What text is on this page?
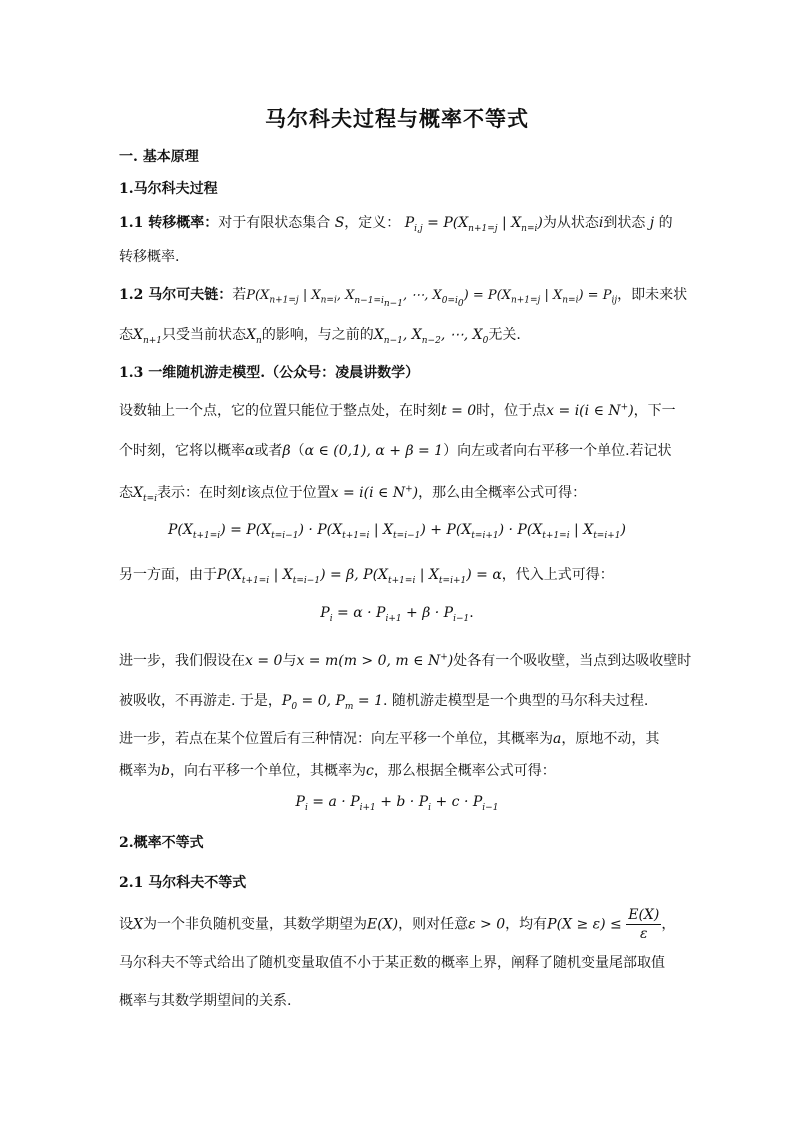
马尔科夫过程与概率不等式
一. 基本原理
1.马尔科夫过程
1.1 转移概率：对于有限状态集合 S，定义： $P_{i,j} = P(X_{n+1=j}$ | $X_{n=i}$)为从状态i到状态 j 的
转移概率.
1.2 马尔可夫链：若$P(X_{n+1=j}$ | $X_{n=i}$, $X_{n-1=i_{n-1}}$, ⋯, $X_{0=i_0}) = P(X_{n+1=j}$ | $X_{n=i}) = P_{ij}$，即未来状
态$X_{n+1}$只受当前状态$X_n$的影响，与之前的$X_{n-1}$, $X_{n-2}$, ⋯, $X_0$无关.
1.3 一维随机游走模型.（公众号：凌晨讲数学）
设数轴上一个点，它的位置只能位于整点处，在时刻t = 0时，位于点x = i(i ∈ N+)，下一
个时刻，它将以概率α或者β（α ∈ (0,1), α + β = 1）向左或者向右平移一个单位.若记状
态$X_{t=i}$表示：在时刻t该点位于位置x = i(i ∈ N+)，那么由全概率公式可得：
$P(X_{t+1=i}) = P(X_{t=i-1}) \cdot P(X_{t+1=i}$ | $X_{t=i-1}) + P(X_{t=i+1}) \cdot P(X_{t+1=i}$ | $X_{t=i+1}$)
另一方面，由于$P(X_{t+1=i}$ | $X_{t=i-1}) = \beta$, $P(X_{t+1=i}$ | $X_{t=i+1}) = \alpha$，代入上式可得：
$P_i = \alpha \cdot P_{i+1} + \beta \cdot P_{i-1}$.
进一步，我们假设在x = 0与x = m(m > 0, m ∈ N+)处各有一个吸收壁，当点到达吸收壁时
被吸收，不再游走. 于是，$P_0 = 0$, $P_m = 1$. 随机游走模型是一个典型的马尔科夫过程.
进一步，若点在某个位置后有三种情况：向左平移一个单位，其概率为a，原地不动，其
概率为b，向右平移一个单位，其概率为c，那么根据全概率公式可得：
$P_i = a \cdot P_{i+1} + b \cdot P_i + c \cdot P_{i-1}$
2.概率不等式
2.1 马尔科夫不等式
设X为一个非负随机变量，其数学期望为E(X)，则对任意ε > 0，均有$P(X \ge \varepsilon) \le \frac{E(X)}{\varepsilon}$ ，
马尔科夫不等式给出了随机变量取值不小于某正数的概率上界，阐释了随机变量尾部取值
概率与其数学期望间的关系.
